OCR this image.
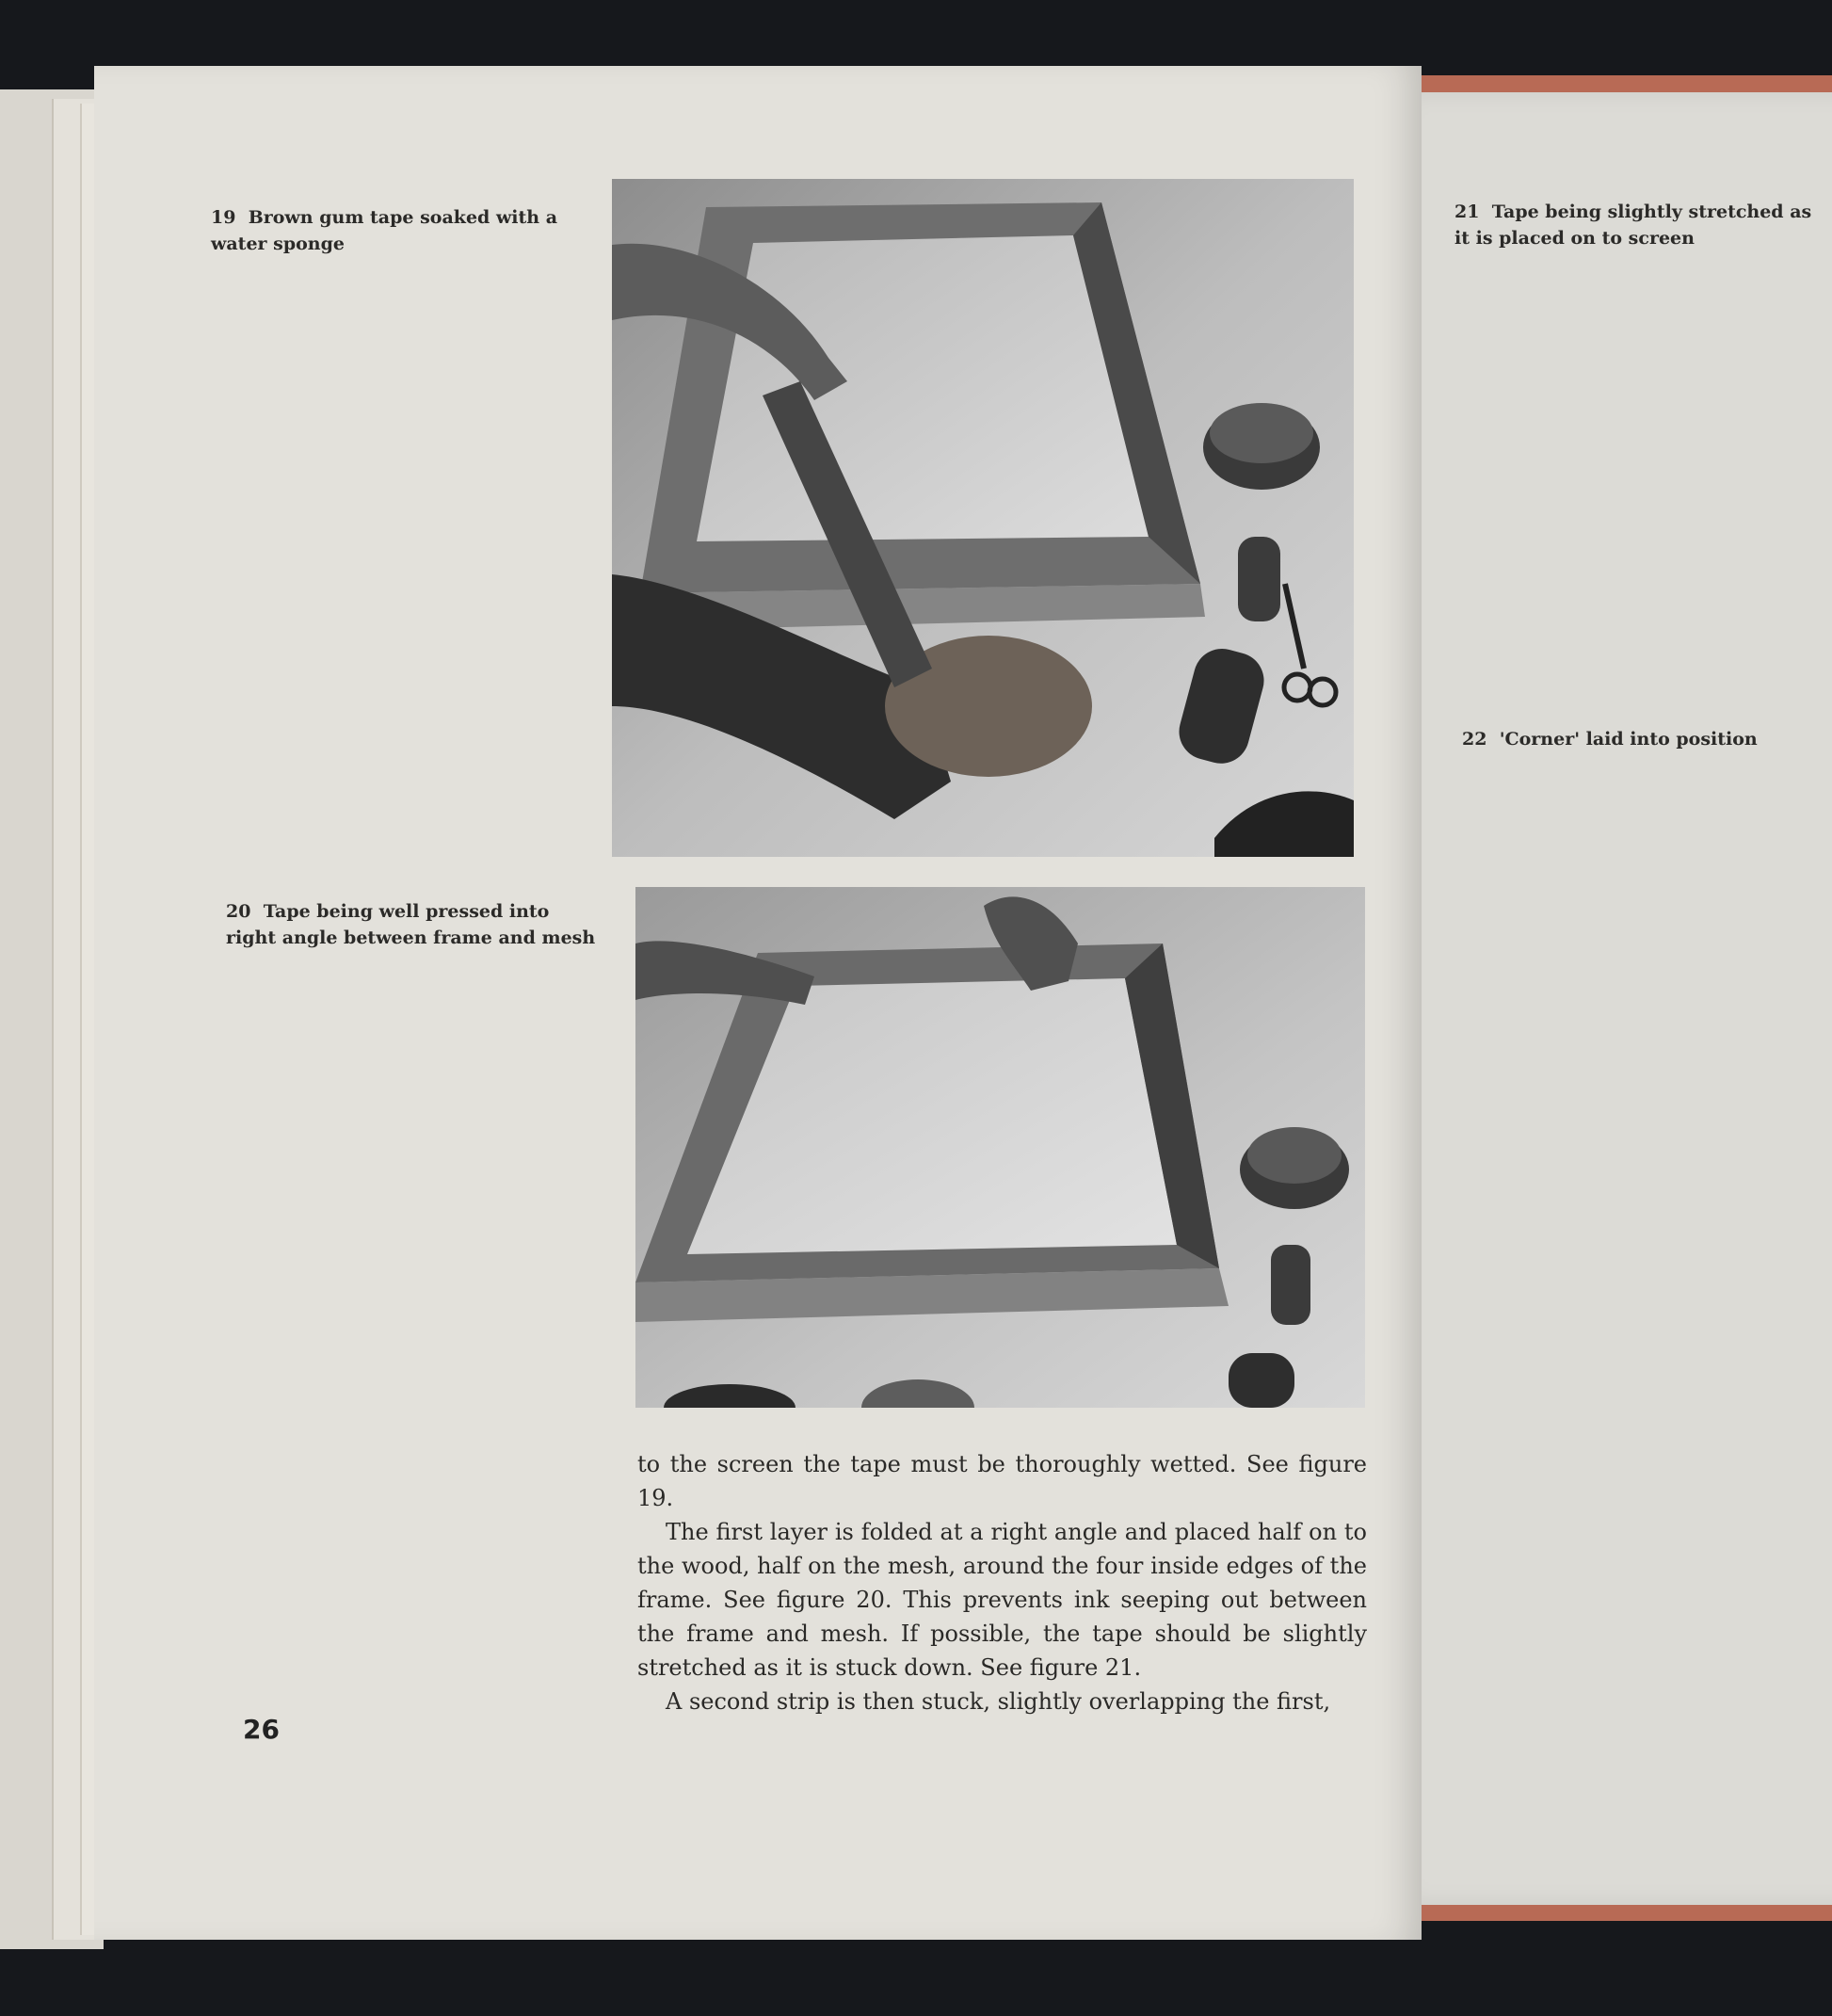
19 Brown gum tape soaked with a
water sponge
20 Tape being well pressed into
right angle between frame and mesh
21 Tape being slightly stretched as
it is placed on to screen
22 'Corner' laid into position

to the screen the tape must be thoroughly wetted. See figure 19.

The first layer is folded at a right angle and placed half on to the wood, half on the mesh, around the four inside edges of the frame. See figure 20. This prevents ink seeping out between the frame and mesh. If possible, the tape should be slightly stretched as it is stuck down. See figure 21.

A second strip is then stuck, slightly overlapping the first,

26
